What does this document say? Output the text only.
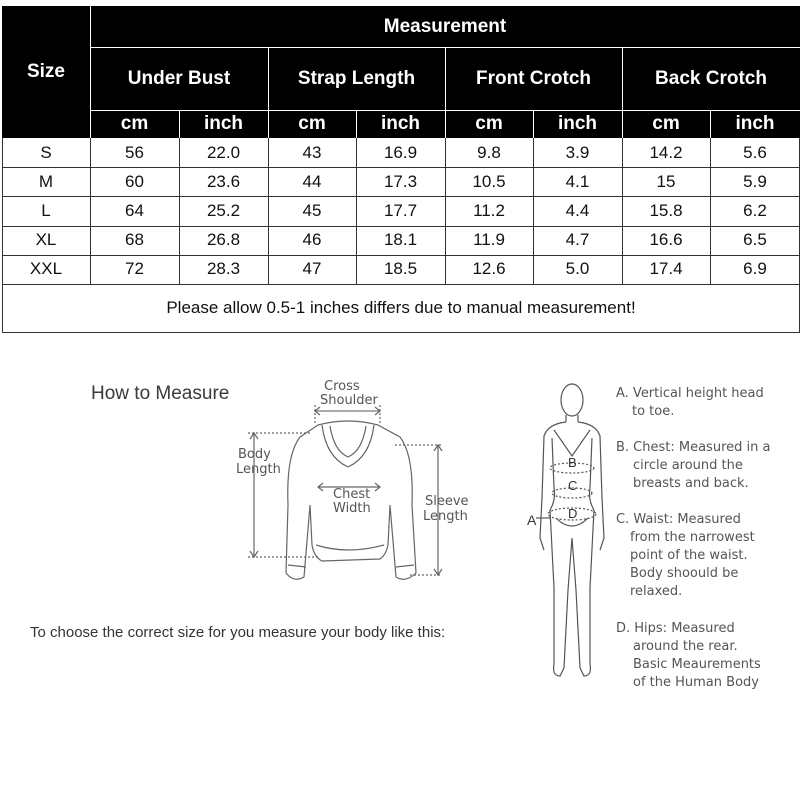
Size
Measurement
Under Bust	Strap Length	Front Crotch	Back Crotch
cm	inch	cm	inch	cm	inch	cm	inch
S	56	22.0	43	16.9	9.8	3.9	14.2	5.6
M	60	23.6	44	17.3	10.5	4.1	15	5.9
L	64	25.2	45	17.7	11.2	4.4	15.8	6.2
XL	68	26.8	46	18.1	11.9	4.7	16.6	6.5
XXL	72	28.3	47	18.5	12.6	5.0	17.4	6.9
Please allow 0.5-1 inches differs due to manual measurement!
How to Measure	Cross
Shoulder
Body
Length
Chest
Width	Sleeve
Length
To choose the correct size for you measure your body like this:
A
B
C
D
A. Vertical height head
to toe.
B. Chest: Measured in a
circle around the
breasts and back.
C. Waist: Measured
from the narrowest
point of the waist.
Body shoould be
relaxed.
D. Hips: Measured
around the rear.
Basic Meaurements
of the Human Body
